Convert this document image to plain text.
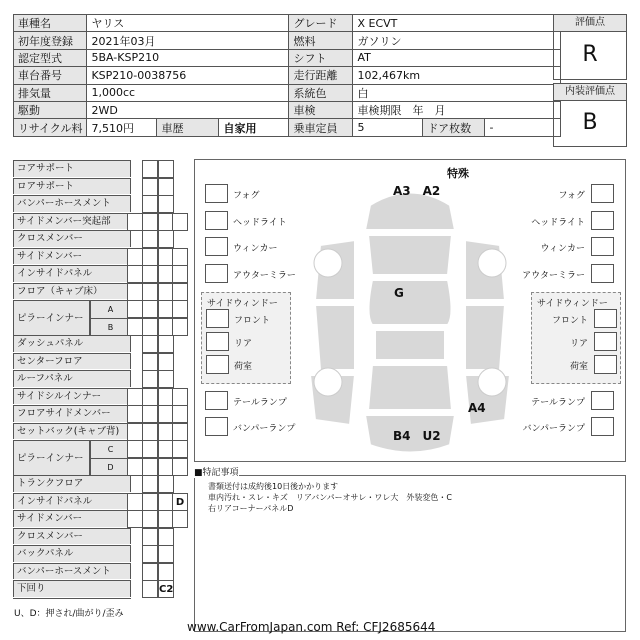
車種名	ヤリス			グレード	X ECVT		
初年度登録	2021年03月			燃料	ガソリン		
認定型式	5BA-KSP210			シフト	AT		
車台番号	KSP210-0038756			走行距離	102,467km		
排気量	1,000cc			系統色	白		
駆動	2WD			車検	車検期限　年　月		
リサイクル料	7,510円	車歴	自家用	乗車定員	5	ドア枚数	-
評価点
R
内装評価点
B
コアサポート
ロアサポート
バンパーホースメント
サイドメンバー突起部
クロスメンバー
サイドメンバー
インサイドパネル
フロア（キャブ床）
ピラーインナー
A
B
ダッシュパネル
センターフロア
ルーフパネル
サイドシルインナー
フロアサイドメンバー
セットバック(キャブ背)
ピラーインナー
C
D
トランクフロア
インサイドパネル	D
サイドメンバー
クロスメンバー
バックパネル
バンパーホースメント
下回り	C2
U、D：押され/曲がり/歪み
特殊
A3　A2
G
A4
B4　U2
フォグ
ヘッドライト
ウィンカー
アウターミラー
フォグ
ヘッドライト
ウィンカー
アウターミラー
サイドウィンドー
フロント
リア
荷室
サイドウィンドー
フロント
リア
荷室
テールランプ
バンパーランプ
テールランプ
バンパーランプ
■特記事項
書類送付は成約後10日後かかります
車内汚れ・スレ・キズ　リアバンパーオサレ・ワレ大　外装変色・C
右リアコーナーパネルD
www.CarFromJapan.com Ref: CFJ2685644
